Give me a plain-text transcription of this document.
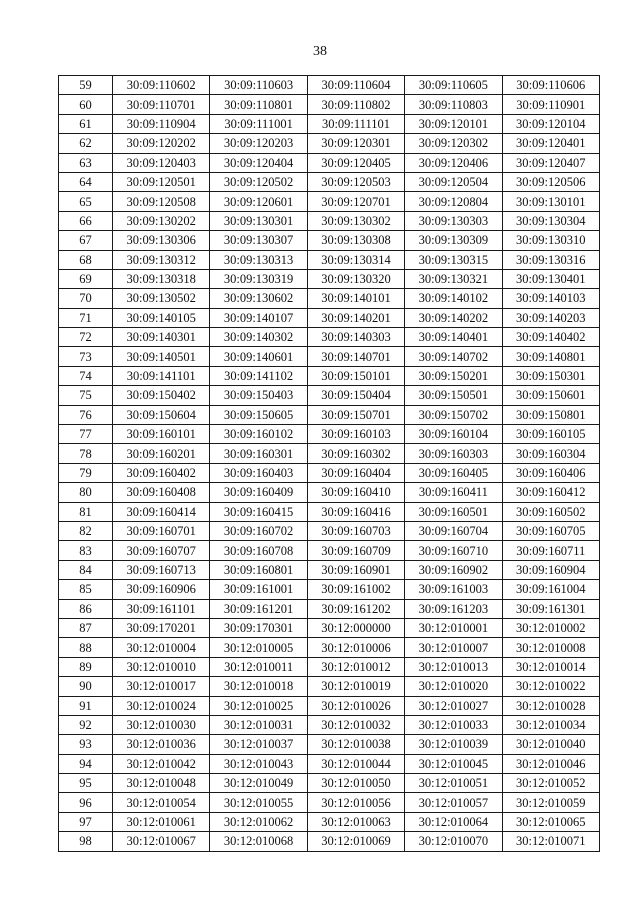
38
59	30:09:110602	30:09:110603	30:09:110604	30:09:110605	30:09:110606
60	30:09:110701	30:09:110801	30:09:110802	30:09:110803	30:09:110901
61	30:09:110904	30:09:111001	30:09:111101	30:09:120101	30:09:120104
62	30:09:120202	30:09:120203	30:09:120301	30:09:120302	30:09:120401
63	30:09:120403	30:09:120404	30:09:120405	30:09:120406	30:09:120407
64	30:09:120501	30:09:120502	30:09:120503	30:09:120504	30:09:120506
65	30:09:120508	30:09:120601	30:09:120701	30:09:120804	30:09:130101
66	30:09:130202	30:09:130301	30:09:130302	30:09:130303	30:09:130304
67	30:09:130306	30:09:130307	30:09:130308	30:09:130309	30:09:130310
68	30:09:130312	30:09:130313	30:09:130314	30:09:130315	30:09:130316
69	30:09:130318	30:09:130319	30:09:130320	30:09:130321	30:09:130401
70	30:09:130502	30:09:130602	30:09:140101	30:09:140102	30:09:140103
71	30:09:140105	30:09:140107	30:09:140201	30:09:140202	30:09:140203
72	30:09:140301	30:09:140302	30:09:140303	30:09:140401	30:09:140402
73	30:09:140501	30:09:140601	30:09:140701	30:09:140702	30:09:140801
74	30:09:141101	30:09:141102	30:09:150101	30:09:150201	30:09:150301
75	30:09:150402	30:09:150403	30:09:150404	30:09:150501	30:09:150601
76	30:09:150604	30:09:150605	30:09:150701	30:09:150702	30:09:150801
77	30:09:160101	30:09:160102	30:09:160103	30:09:160104	30:09:160105
78	30:09:160201	30:09:160301	30:09:160302	30:09:160303	30:09:160304
79	30:09:160402	30:09:160403	30:09:160404	30:09:160405	30:09:160406
80	30:09:160408	30:09:160409	30:09:160410	30:09:160411	30:09:160412
81	30:09:160414	30:09:160415	30:09:160416	30:09:160501	30:09:160502
82	30:09:160701	30:09:160702	30:09:160703	30:09:160704	30:09:160705
83	30:09:160707	30:09:160708	30:09:160709	30:09:160710	30:09:160711
84	30:09:160713	30:09:160801	30:09:160901	30:09:160902	30:09:160904
85	30:09:160906	30:09:161001	30:09:161002	30:09:161003	30:09:161004
86	30:09:161101	30:09:161201	30:09:161202	30:09:161203	30:09:161301
87	30:09:170201	30:09:170301	30:12:000000	30:12:010001	30:12:010002
88	30:12:010004	30:12:010005	30:12:010006	30:12:010007	30:12:010008
89	30:12:010010	30:12:010011	30:12:010012	30:12:010013	30:12:010014
90	30:12:010017	30:12:010018	30:12:010019	30:12:010020	30:12:010022
91	30:12:010024	30:12:010025	30:12:010026	30:12:010027	30:12:010028
92	30:12:010030	30:12:010031	30:12:010032	30:12:010033	30:12:010034
93	30:12:010036	30:12:010037	30:12:010038	30:12:010039	30:12:010040
94	30:12:010042	30:12:010043	30:12:010044	30:12:010045	30:12:010046
95	30:12:010048	30:12:010049	30:12:010050	30:12:010051	30:12:010052
96	30:12:010054	30:12:010055	30:12:010056	30:12:010057	30:12:010059
97	30:12:010061	30:12:010062	30:12:010063	30:12:010064	30:12:010065
98	30:12:010067	30:12:010068	30:12:010069	30:12:010070	30:12:010071
